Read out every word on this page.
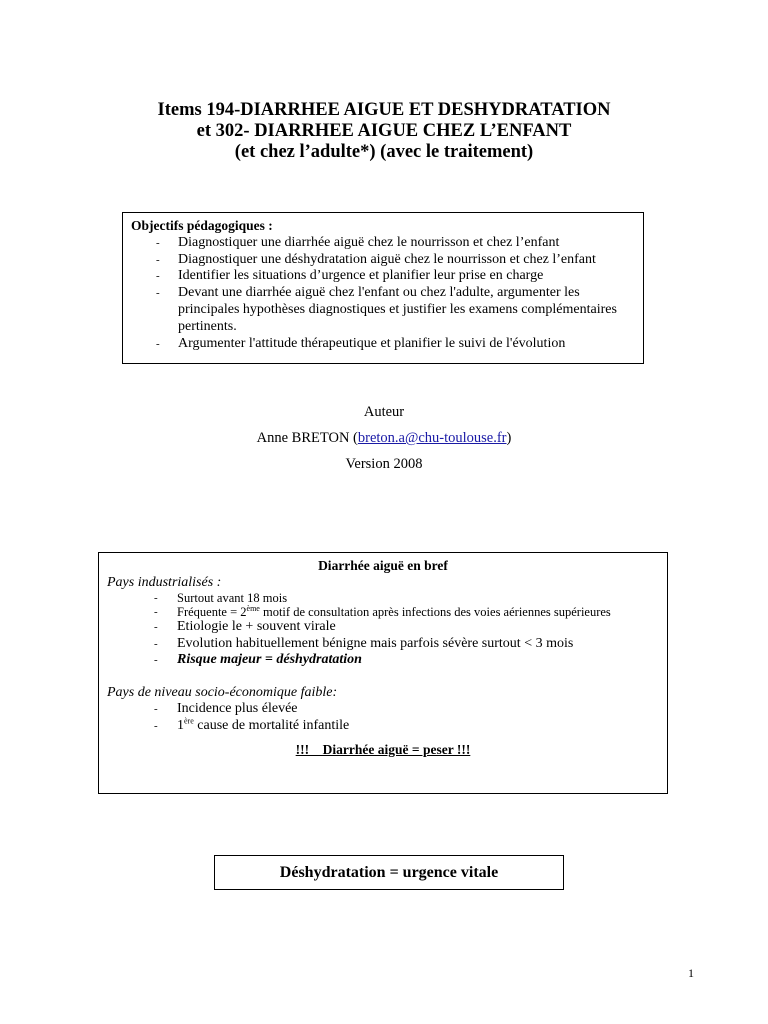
Items 194-DIARRHEE AIGUE ET DESHYDRATATION
et 302- DIARRHEE AIGUE CHEZ L’ENFANT
(et chez l’adulte*) (avec le traitement)
Objectifs pédagogiques :
- Diagnostiquer une diarrhée aiguë chez le nourrisson et chez l’enfant
- Diagnostiquer une déshydratation aiguë chez le nourrisson et chez l’enfant
- Identifier les situations d’urgence et planifier leur prise en charge
- Devant une diarrhée aiguë chez l'enfant ou chez l'adulte, argumenter les principales hypothèses diagnostiques et justifier les examens complémentaires pertinents.
- Argumenter l'attitude thérapeutique et planifier le suivi de l'évolution
Auteur
Anne BRETON (breton.a@chu-toulouse.fr)
Version 2008
Diarrhée aiguë en bref
Pays industrialisés :
- Surtout avant 18 mois
- Fréquente = 2ème motif de consultation après infections des voies aériennes supérieures
- Etiologie le + souvent virale
- Evolution habituellement bénigne mais parfois sévère surtout < 3 mois
- Risque majeur = déshydratation
Pays de niveau socio-économique faible:
- Incidence plus élevée
- 1ère cause de mortalité infantile
!!!    Diarrhée aiguë = peser !!!
Déshydratation = urgence vitale
1
